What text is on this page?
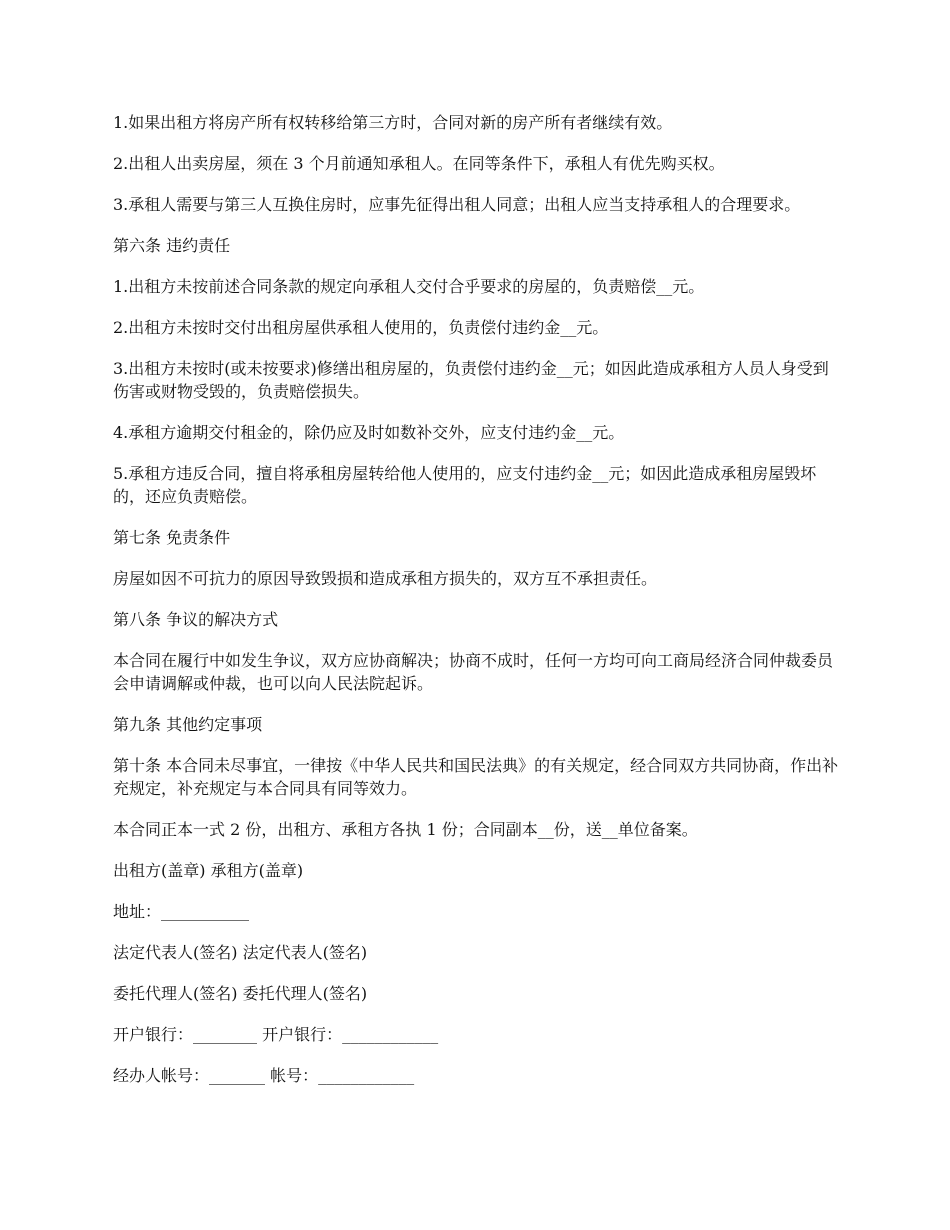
1.如果出租方将房产所有权转移给第三方时，合同对新的房产所有者继续有效。

2.出租人出卖房屋，须在 3 个月前通知承租人。在同等条件下，承租人有优先购买权。

3.承租人需要与第三人互换住房时，应事先征得出租人同意；出租人应当支持承租人的合理要求。

第六条 违约责任

1.出租方未按前述合同条款的规定向承租人交付合乎要求的房屋的，负责赔偿__元。

2.出租方未按时交付出租房屋供承租人使用的，负责偿付违约金__元。

3.出租方未按时(或未按要求)修缮出租房屋的，负责偿付违约金__元；如因此造成承租方人员人身受到伤害或财物受毁的，负责赔偿损失。

4.承租方逾期交付租金的，除仍应及时如数补交外，应支付违约金__元。

5.承租方违反合同，擅自将承租房屋转给他人使用的，应支付违约金__元；如因此造成承租房屋毁坏的，还应负责赔偿。

第七条 免责条件

房屋如因不可抗力的原因导致毁损和造成承租方损失的，双方互不承担责任。

第八条 争议的解决方式

本合同在履行中如发生争议，双方应协商解决；协商不成时，任何一方均可向工商局经济合同仲裁委员会申请调解或仲裁，也可以向人民法院起诉。

第九条 其他约定事项

第十条 本合同未尽事宜，一律按《中华人民共和国民法典》的有关规定，经合同双方共同协商，作出补充规定，补充规定与本合同具有同等效力。

本合同正本一式 2 份，出租方、承租方各执 1 份；合同副本__份，送__单位备案。

出租方(盖章) 承租方(盖章)

地址：___________

法定代表人(签名) 法定代表人(签名)

委托代理人(签名) 委托代理人(签名)

开户银行：________ 开户银行：____________

经办人帐号：_______ 帐号：____________
